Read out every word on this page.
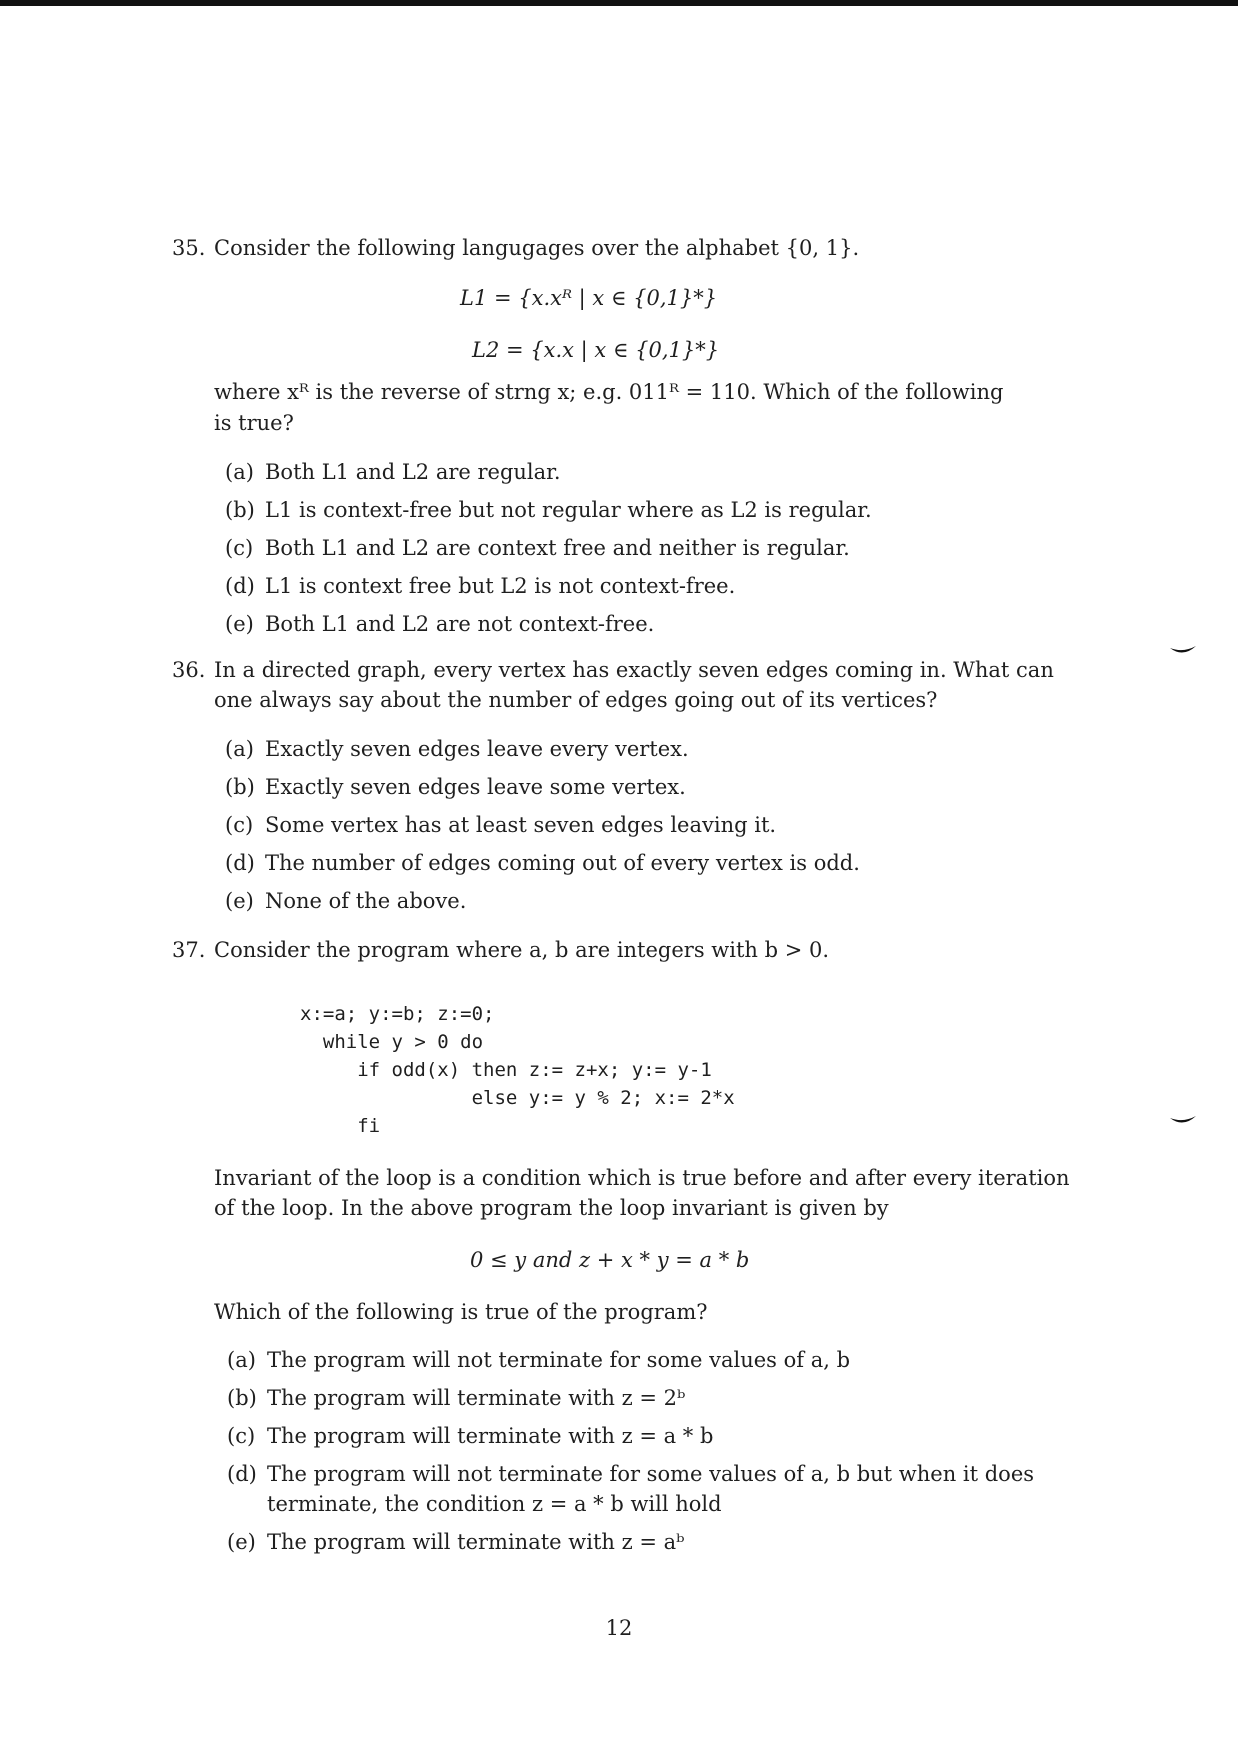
35. Consider the following langugages over the alphabet {0, 1}.
L1 = {x.xᴿ | x ∈ {0,1}*}
L2 = {x.x | x ∈ {0,1}*}
where xᴿ is the reverse of strng x; e.g. 011ᴿ = 110. Which of the following
is true?
(a) Both L1 and L2 are regular.
(b) L1 is context-free but not regular where as L2 is regular.
(c) Both L1 and L2 are context free and neither is regular.
(d) L1 is context free but L2 is not context-free.
(e) Both L1 and L2 are not context-free.
36. In a directed graph, every vertex has exactly seven edges coming in. What can
one always say about the number of edges going out of its vertices?
(a) Exactly seven edges leave every vertex.
(b) Exactly seven edges leave some vertex.
(c) Some vertex has at least seven edges leaving it.
(d) The number of edges coming out of every vertex is odd.
(e) None of the above.
37. Consider the program where a, b are integers with b > 0.
x:=a; y:=b; z:=0;
while y > 0 do
if odd(x) then z:= z+x; y:= y-1
else y:= y % 2; x:= 2*x
fi
Invariant of the loop is a condition which is true before and after every iteration
of the loop. In the above program the loop invariant is given by
0 ≤ y and z + x * y = a * b
Which of the following is true of the program?
(a) The program will not terminate for some values of a, b
(b) The program will terminate with z = 2ᵇ
(c) The program will terminate with z = a * b
(d) The program will not terminate for some values of a, b but when it does
terminate, the condition z = a * b will hold
(e) The program will terminate with z = aᵇ
12
